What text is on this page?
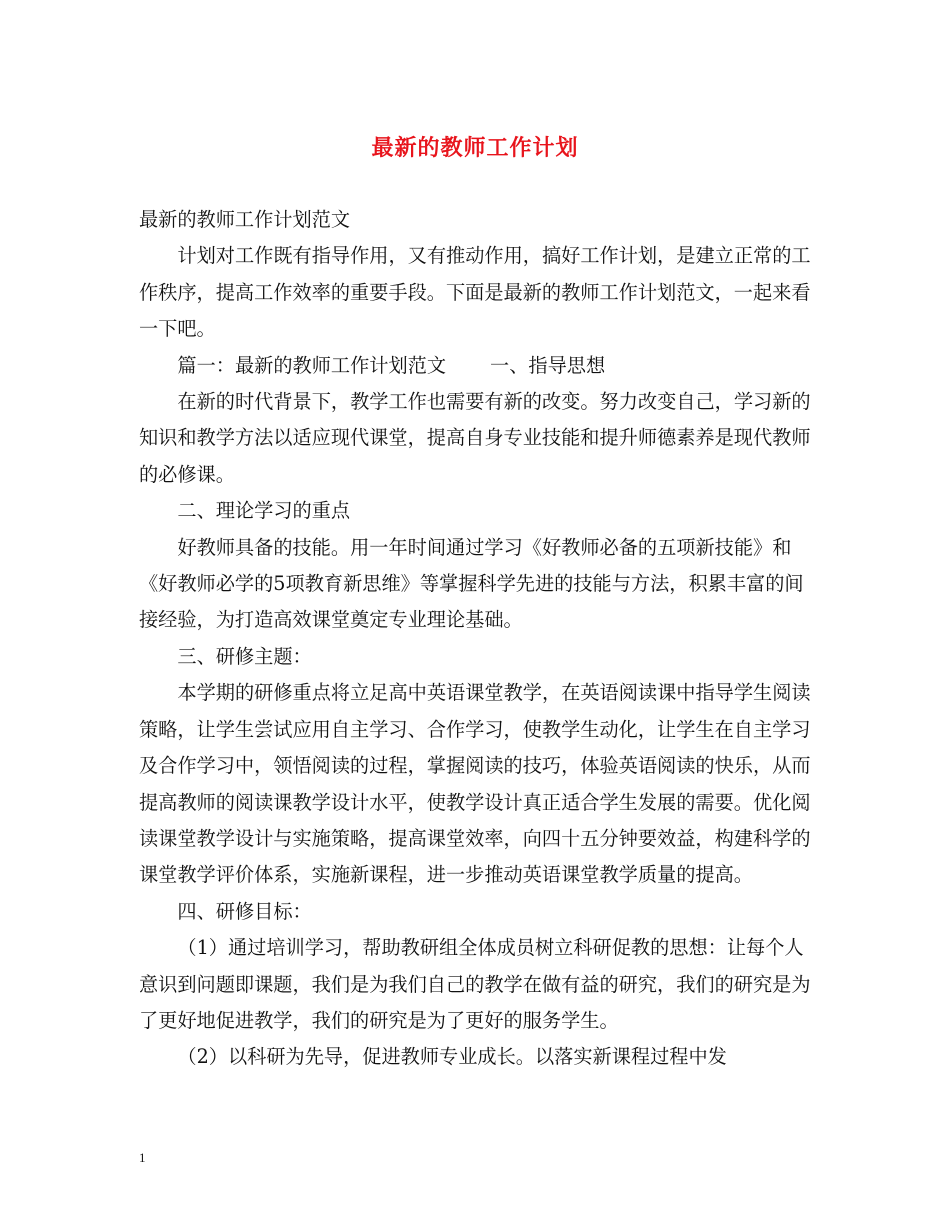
最新的教师工作计划

最新的教师工作计划范文

计划对工作既有指导作用，又有推动作用，搞好工作计划，是建立正常的工作秩序，提高工作效率的重要手段。下面是最新的教师工作计划范文，一起来看一下吧。

篇一：最新的教师工作计划范文 一、指导思想

在新的时代背景下，教学工作也需要有新的改变。努力改变自己，学习新的知识和教学方法以适应现代课堂，提高自身专业技能和提升师德素养是现代教师的必修课。

二、理论学习的重点

好教师具备的技能。用一年时间通过学习《好教师必备的五项新技能》和《好教师必学的5项教育新思维》等掌握科学先进的技能与方法，积累丰富的间接经验，为打造高效课堂奠定专业理论基础。

三、研修主题：

本学期的研修重点将立足高中英语课堂教学，在英语阅读课中指导学生阅读策略，让学生尝试应用自主学习、合作学习，使教学生动化，让学生在自主学习及合作学习中，领悟阅读的过程，掌握阅读的技巧，体验英语阅读的快乐，从而提高教师的阅读课教学设计水平，使教学设计真正适合学生发展的需要。优化阅读课堂教学设计与实施策略，提高课堂效率，向四十五分钟要效益，构建科学的课堂教学评价体系，实施新课程，进一步推动英语课堂教学质量的提高。

四、研修目标：

（1）通过培训学习，帮助教研组全体成员树立科研促教的思想：让每个人意识到问题即课题，我们是为我们自己的教学在做有益的研究，我们的研究是为了更好地促进教学，我们的研究是为了更好的服务学生。

（2）以科研为先导，促进教师专业成长。以落实新课程过程中发

1
